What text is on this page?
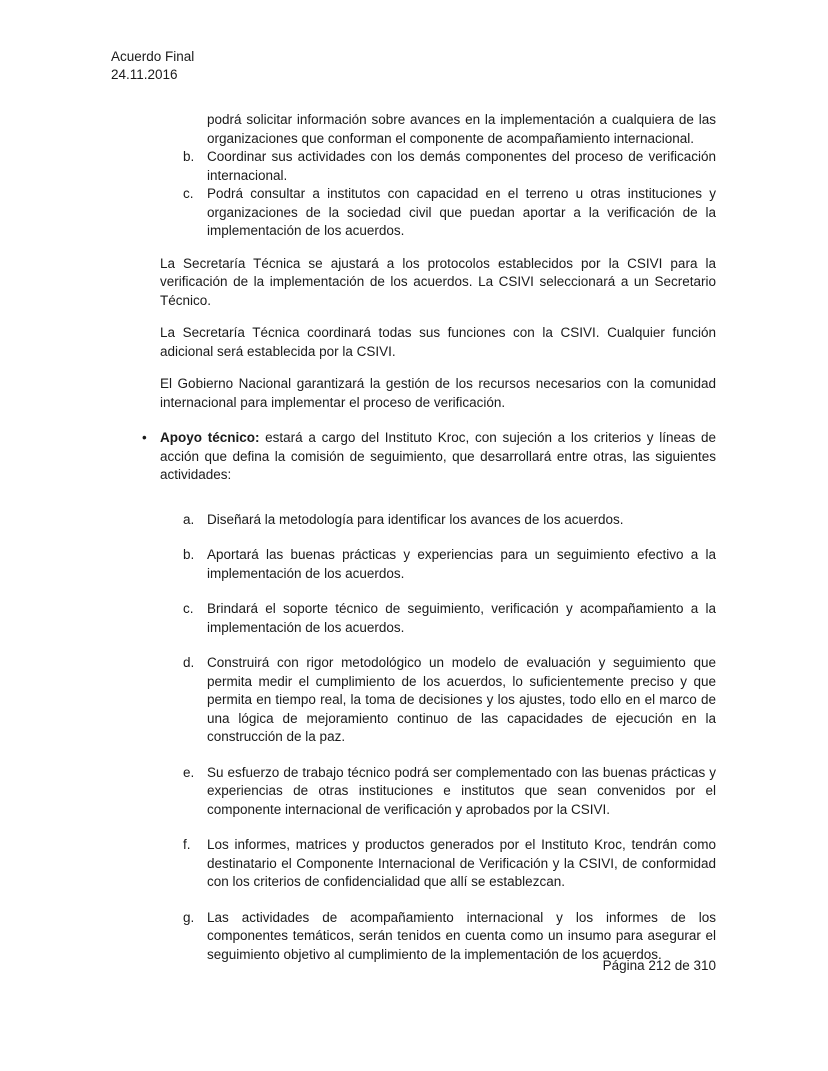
Acuerdo Final
24.11.2016
podrá solicitar información sobre avances en la implementación a cualquiera de las organizaciones que conforman el componente de acompañamiento internacional.
b. Coordinar sus actividades con los demás componentes del proceso de verificación internacional.
c. Podrá consultar a institutos con capacidad en el terreno u otras instituciones y organizaciones de la sociedad civil que puedan aportar a la verificación de la implementación de los acuerdos.

La Secretaría Técnica se ajustará a los protocolos establecidos por la CSIVI para la verificación de la implementación de los acuerdos. La CSIVI seleccionará a un Secretario Técnico.

La Secretaría Técnica coordinará todas sus funciones con la CSIVI. Cualquier función adicional será establecida por la CSIVI.

El Gobierno Nacional garantizará la gestión de los recursos necesarios con la comunidad internacional para implementar el proceso de verificación.

• Apoyo técnico: estará a cargo del Instituto Kroc, con sujeción a los criterios y líneas de acción que defina la comisión de seguimiento, que desarrollará entre otras, las siguientes actividades:
a. Diseñará la metodología para identificar los avances de los acuerdos.
b. Aportará las buenas prácticas y experiencias para un seguimiento efectivo a la implementación de los acuerdos.
c. Brindará el soporte técnico de seguimiento, verificación y acompañamiento a la implementación de los acuerdos.
d. Construirá con rigor metodológico un modelo de evaluación y seguimiento que permita medir el cumplimiento de los acuerdos, lo suficientemente preciso y que permita en tiempo real, la toma de decisiones y los ajustes, todo ello en el marco de una lógica de mejoramiento continuo de las capacidades de ejecución en la construcción de la paz.
e. Su esfuerzo de trabajo técnico podrá ser complementado con las buenas prácticas y experiencias de otras instituciones e institutos que sean convenidos por el componente internacional de verificación y aprobados por la CSIVI.
f. Los informes, matrices y productos generados por el Instituto Kroc, tendrán como destinatario el Componente Internacional de Verificación y la CSIVI, de conformidad con los criterios de confidencialidad que allí se establezcan.
g. Las actividades de acompañamiento internacional y los informes de los componentes temáticos, serán tenidos en cuenta como un insumo para asegurar el seguimiento objetivo al cumplimiento de la implementación de los acuerdos.
Página 212 de 310
